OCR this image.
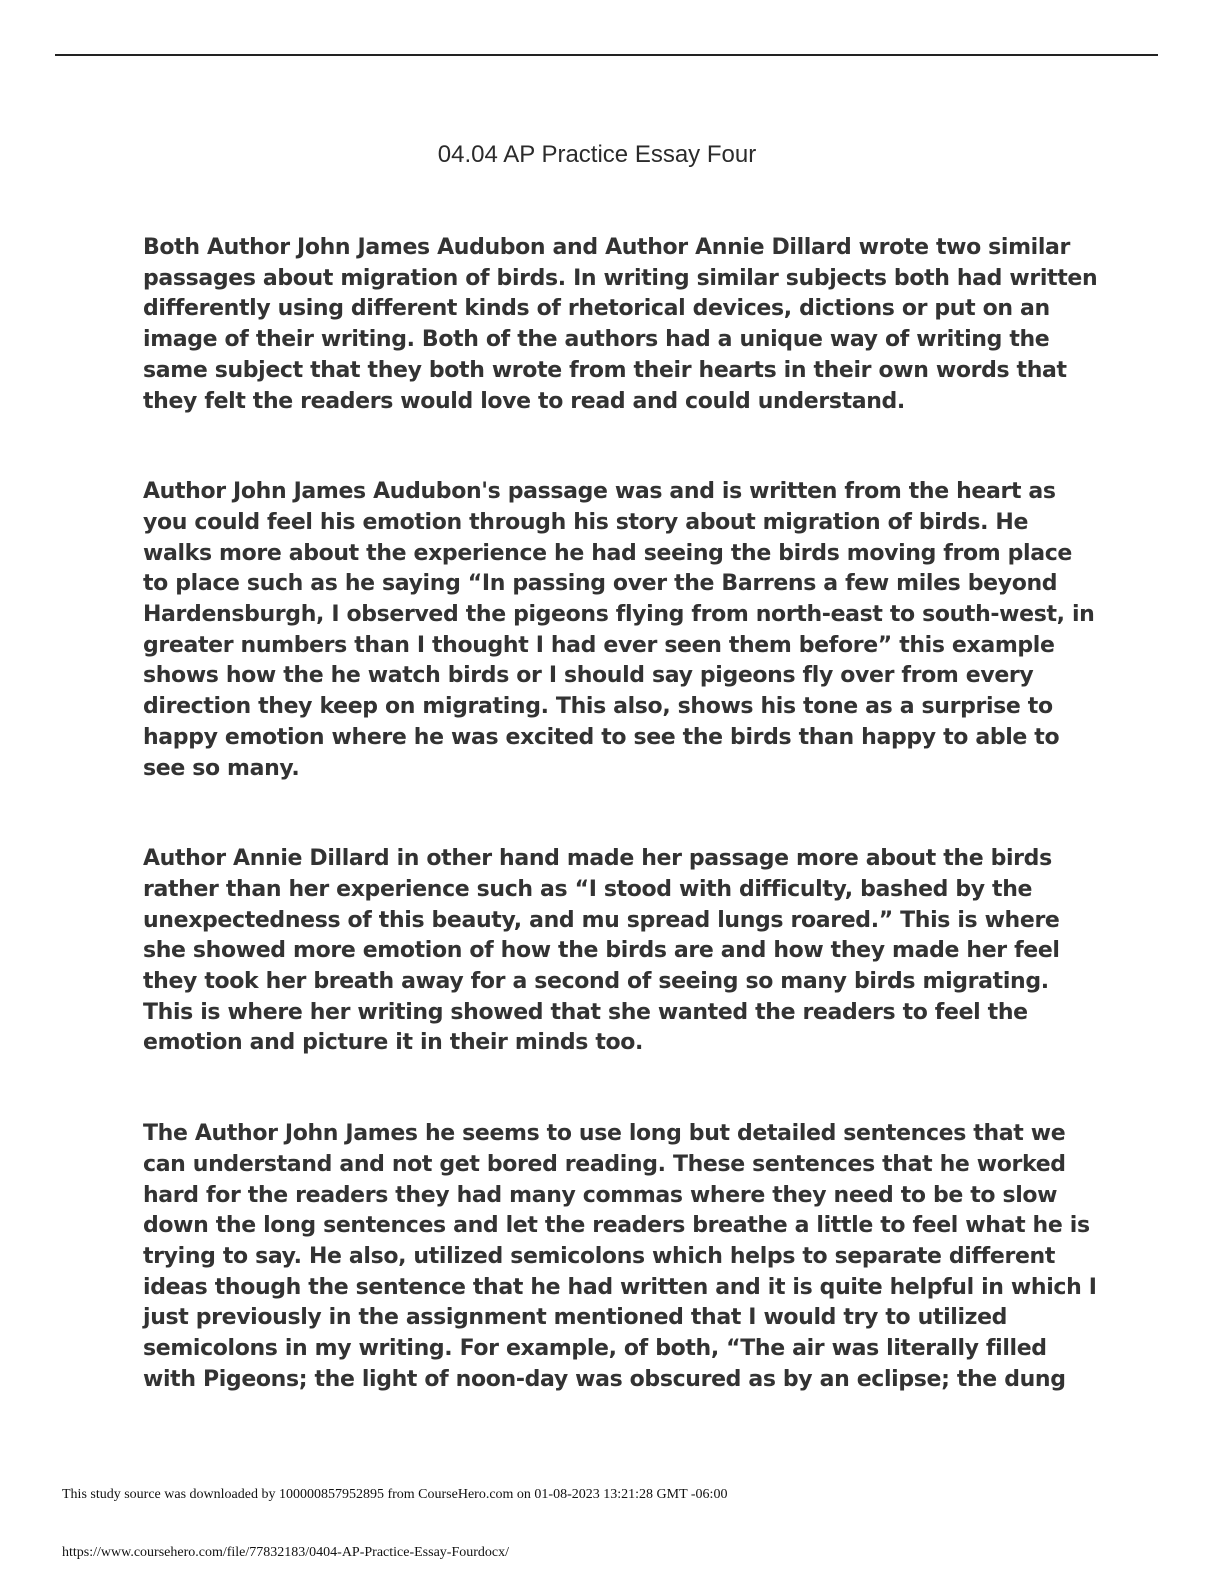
04.04 AP Practice Essay Four

Both Author John James Audubon and Author Annie Dillard wrote two similar
passages about migration of birds. In writing similar subjects both had written
differently using different kinds of rhetorical devices, dictions or put on an
image of their writing. Both of the authors had a unique way of writing the
same subject that they both wrote from their hearts in their own words that
they felt the readers would love to read and could understand.

Author John James Audubon's passage was and is written from the heart as
you could feel his emotion through his story about migration of birds. He
walks more about the experience he had seeing the birds moving from place
to place such as he saying “In passing over the Barrens a few miles beyond
Hardensburgh, I observed the pigeons flying from north-east to south-west, in
greater numbers than I thought I had ever seen them before” this example
shows how the he watch birds or I should say pigeons fly over from every
direction they keep on migrating. This also, shows his tone as a surprise to
happy emotion where he was excited to see the birds than happy to able to
see so many.

Author Annie Dillard in other hand made her passage more about the birds
rather than her experience such as “I stood with difficulty, bashed by the
unexpectedness of this beauty, and mu spread lungs roared.” This is where
she showed more emotion of how the birds are and how they made her feel
they took her breath away for a second of seeing so many birds migrating.
This is where her writing showed that she wanted the readers to feel the
emotion and picture it in their minds too.

The Author John James he seems to use long but detailed sentences that we
can understand and not get bored reading. These sentences that he worked
hard for the readers they had many commas where they need to be to slow
down the long sentences and let the readers breathe a little to feel what he is
trying to say. He also, utilized semicolons which helps to separate different
ideas though the sentence that he had written and it is quite helpful in which I
just previously in the assignment mentioned that I would try to utilized
semicolons in my writing. For example, of both, “The air was literally filled
with Pigeons; the light of noon-day was obscured as by an eclipse; the dung

This study source was downloaded by 100000857952895 from CourseHero.com on 01-08-2023 13:21:28 GMT -06:00

https://www.coursehero.com/file/77832183/0404-AP-Practice-Essay-Fourdocx/
